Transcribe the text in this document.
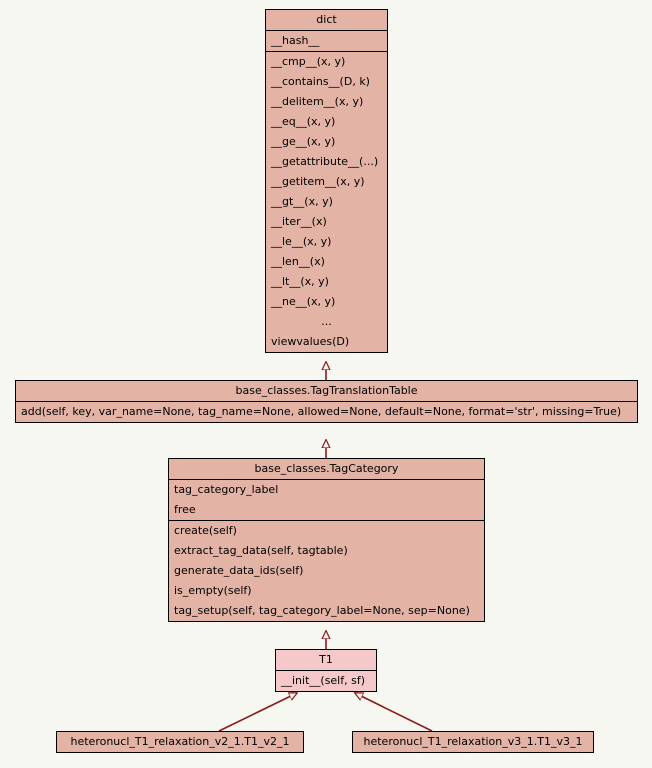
dict
__hash__
__cmp__(x, y)
__contains__(D, k)
__delitem__(x, y)
__eq__(x, y)
__ge__(x, y)
__getattribute__(...)
__getitem__(x, y)
__gt__(x, y)
__iter__(x)
__le__(x, y)
__len__(x)
__lt__(x, y)
__ne__(x, y)
...
viewvalues(D)
base_classes.TagTranslationTable
add(self, key, var_name=None, tag_name=None, allowed=None, default=None, format='str', missing=True)
base_classes.TagCategory
tag_category_label
free
create(self)
extract_tag_data(self, tagtable)
generate_data_ids(self)
is_empty(self)
tag_setup(self, tag_category_label=None, sep=None)
T1
__init__(self, sf)
heteronucl_T1_relaxation_v2_1.T1_v2_1	heteronucl_T1_relaxation_v3_1.T1_v3_1
